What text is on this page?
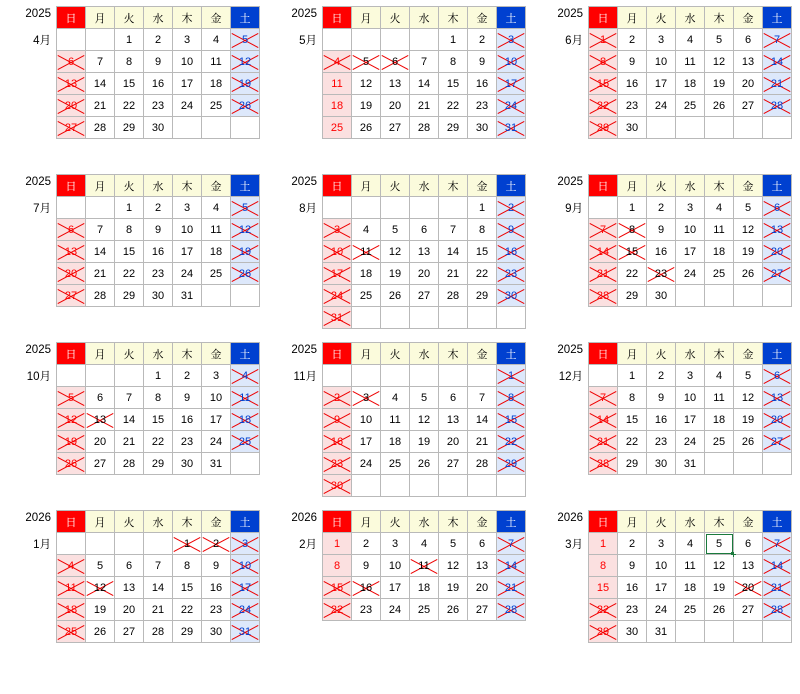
2025
4月
日	月	火	水	木	金	土
		1	2	3	4	5
6	7	8	9	10	11	12
13	14	15	16	17	18	19
20	21	22	23	24	25	26
27	28	29	30			
2025
5月
日	月	火	水	木	金	土
				1	2	3
4	5	6	7	8	9	10
11	12	13	14	15	16	17
18	19	20	21	22	23	24
25	26	27	28	29	30	31
2025
6月
日	月	火	水	木	金	土
1	2	3	4	5	6	7
8	9	10	11	12	13	14
15	16	17	18	19	20	21
22	23	24	25	26	27	28
29	30					
2025
7月
日	月	火	水	木	金	土
		1	2	3	4	5
6	7	8	9	10	11	12
13	14	15	16	17	18	19
20	21	22	23	24	25	26
27	28	29	30	31		
2025
8月
日	月	火	水	木	金	土
					1	2
3	4	5	6	7	8	9
10	11	12	13	14	15	16
17	18	19	20	21	22	23
24	25	26	27	28	29	30
31						
2025
9月
日	月	火	水	木	金	土
	1	2	3	4	5	6
7	8	9	10	11	12	13
14	15	16	17	18	19	20
21	22	23	24	25	26	27
28	29	30				
2025
10月
日	月	火	水	木	金	土
			1	2	3	4
5	6	7	8	9	10	11
12	13	14	15	16	17	18
19	20	21	22	23	24	25
26	27	28	29	30	31	
2025
11月
日	月	火	水	木	金	土
						1
2	3	4	5	6	7	8
9	10	11	12	13	14	15
16	17	18	19	20	21	22
23	24	25	26	27	28	29
30						
2025
12月
日	月	火	水	木	金	土
	1	2	3	4	5	6
7	8	9	10	11	12	13
14	15	16	17	18	19	20
21	22	23	24	25	26	27
28	29	30	31			
2026
1月
日	月	火	水	木	金	土
				1	2	3
4	5	6	7	8	9	10
11	12	13	14	15	16	17
18	19	20	21	22	23	24
25	26	27	28	29	30	31
2026
2月
日	月	火	水	木	金	土
1	2	3	4	5	6	7
8	9	10	11	12	13	14
15	16	17	18	19	20	21
22	23	24	25	26	27	28
2026
3月
日	月	火	水	木	金	土
1	2	3	4	5	6	7
8	9	10	11	12	13	14
15	16	17	18	19	20	21
22	23	24	25	26	27	28
29	30	31				
